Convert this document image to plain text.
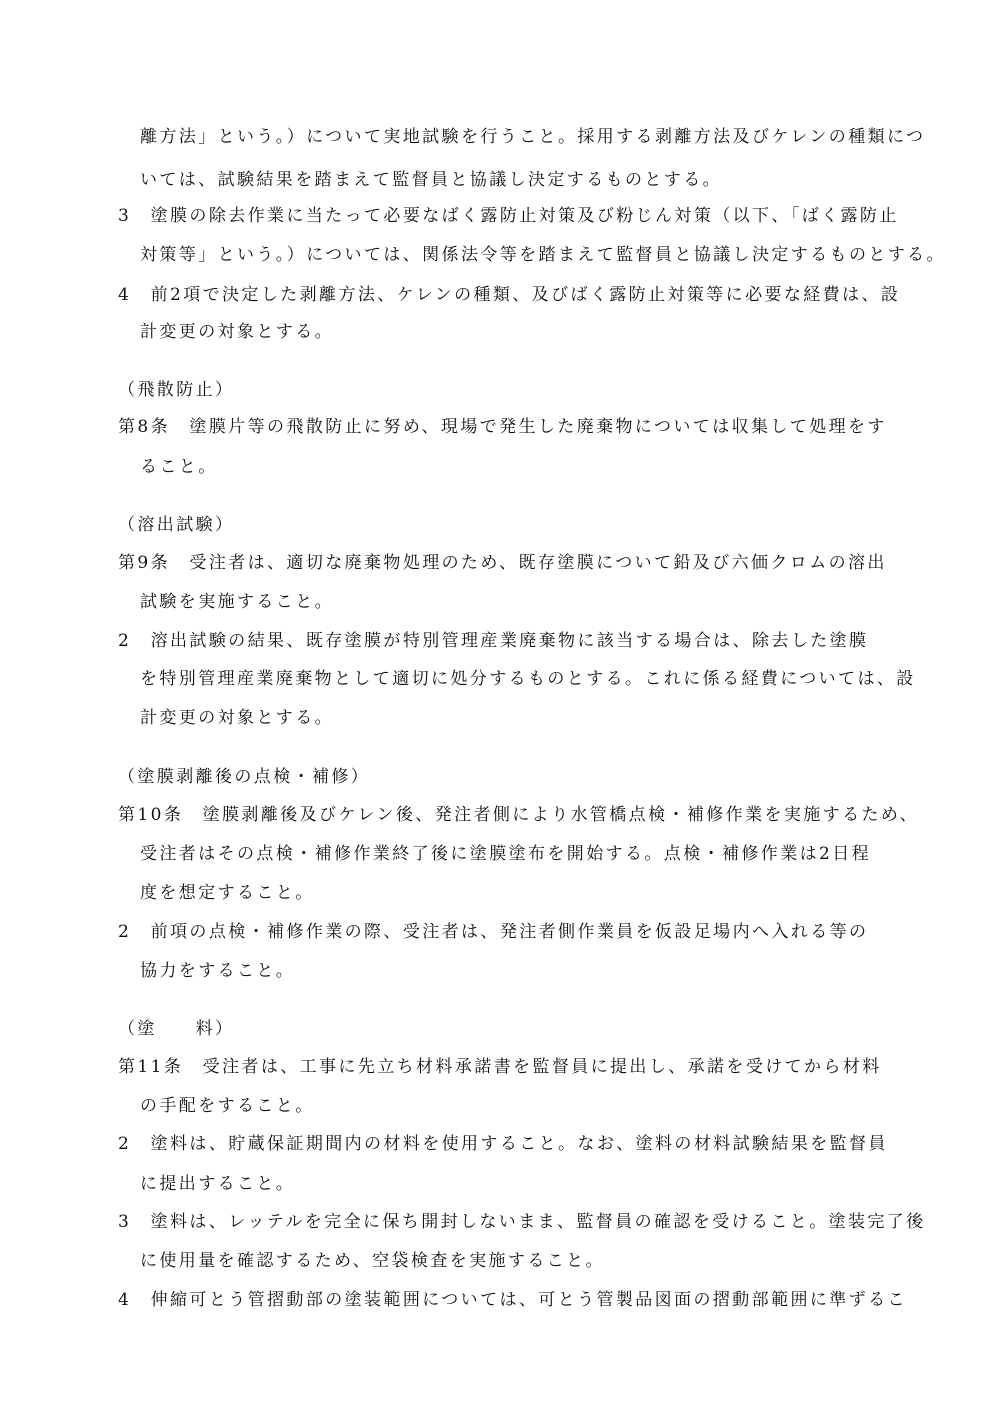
離方法」という。）について実地試験を行うこと。採用する剥離方法及びケレンの種類につ

いては、試験結果を踏まえて監督員と協議し決定するものとする。

3　塗膜の除去作業に当たって必要なばく露防止対策及び粉じん対策（以下、「ばく露防止

対策等」という。）については、関係法令等を踏まえて監督員と協議し決定するものとする。

4　前2項で決定した剥離方法、ケレンの種類、及びばく露防止対策等に必要な経費は、設

計変更の対象とする。

（飛散防止）

第8条　塗膜片等の飛散防止に努め、現場で発生した廃棄物については収集して処理をす

ること。

（溶出試験）

第9条　受注者は、適切な廃棄物処理のため、既存塗膜について鉛及び六価クロムの溶出

試験を実施すること。

2　溶出試験の結果、既存塗膜が特別管理産業廃棄物に該当する場合は、除去した塗膜

を特別管理産業廃棄物として適切に処分するものとする。これに係る経費については、設

計変更の対象とする。

（塗膜剥離後の点検・補修）

第10条　塗膜剥離後及びケレン後、発注者側により水管橋点検・補修作業を実施するため、

受注者はその点検・補修作業終了後に塗膜塗布を開始する。点検・補修作業は2日程

度を想定すること。

2　前項の点検・補修作業の際、受注者は、発注者側作業員を仮設足場内へ入れる等の

協力をすること。

（塗　　料）

第11条　受注者は、工事に先立ち材料承諾書を監督員に提出し、承諾を受けてから材料

の手配をすること。

2　塗料は、貯蔵保証期間内の材料を使用すること。なお、塗料の材料試験結果を監督員

に提出すること。

3　塗料は、レッテルを完全に保ち開封しないまま、監督員の確認を受けること。塗装完了後

に使用量を確認するため、空袋検査を実施すること。

4　伸縮可とう管摺動部の塗装範囲については、可とう管製品図面の摺動部範囲に準ずるこ
